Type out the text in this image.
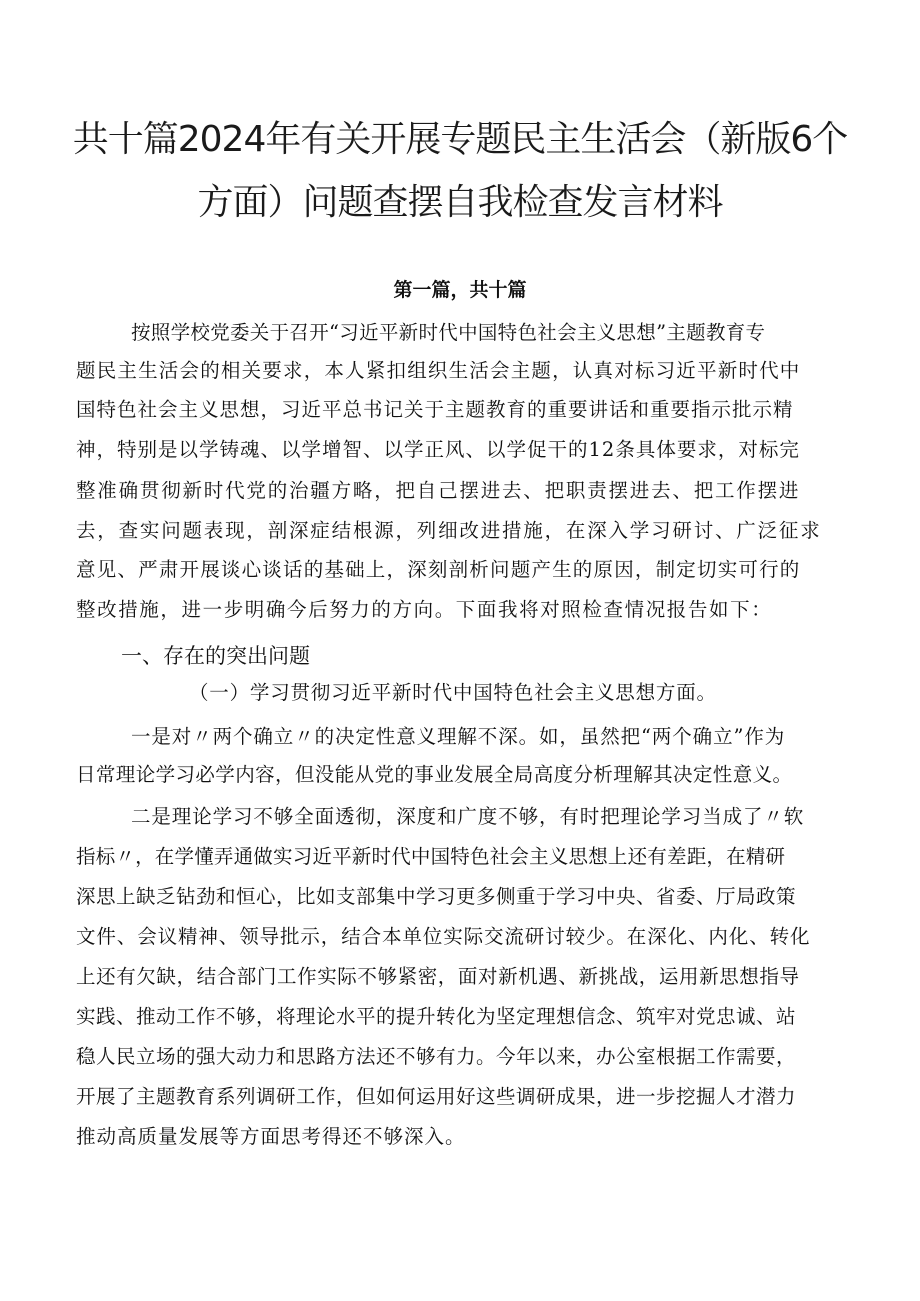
共十篇2024年有关开展专题民主生活会（新版6个
方面）问题查摆自我检查发言材料
第一篇，共十篇
按照学校党委关于召开“习近平新时代中国特色社会主义思想”主题教育专
题民主生活会的相关要求，本人紧扣组织生活会主题，认真对标习近平新时代中
国特色社会主义思想，习近平总书记关于主题教育的重要讲话和重要指示批示精
神，特别是以学铸魂、以学增智、以学正风、以学促干的12条具体要求，对标完
整准确贯彻新时代党的治疆方略，把自己摆进去、把职责摆进去、把工作摆进
去，查实问题表现，剖深症结根源，列细改进措施，在深入学习研讨、广泛征求
意见、严肃开展谈心谈话的基础上，深刻剖析问题产生的原因，制定切实可行的
整改措施，进一步明确今后努力的方向。下面我将对照检查情况报告如下：
一、存在的突出问题
（一）学习贯彻习近平新时代中国特色社会主义思想方面。
一是对〃两个确立〃的决定性意义理解不深。如，虽然把“两个确立”作为
日常理论学习必学内容，但没能从党的事业发展全局高度分析理解其决定性意义。
二是理论学习不够全面透彻，深度和广度不够，有时把理论学习当成了〃软
指标〃，在学懂弄通做实习近平新时代中国特色社会主义思想上还有差距，在精研
深思上缺乏钻劲和恒心，比如支部集中学习更多侧重于学习中央、省委、厅局政策
文件、会议精神、领导批示，结合本单位实际交流研讨较少。在深化、内化、转化
上还有欠缺，结合部门工作实际不够紧密，面对新机遇、新挑战，运用新思想指导
实践、推动工作不够，将理论水平的提升转化为坚定理想信念、筑牢对党忠诚、站
稳人民立场的强大动力和思路方法还不够有力。今年以来，办公室根据工作需要，
开展了主题教育系列调研工作，但如何运用好这些调研成果，进一步挖掘人才潜力
推动高质量发展等方面思考得还不够深入。
